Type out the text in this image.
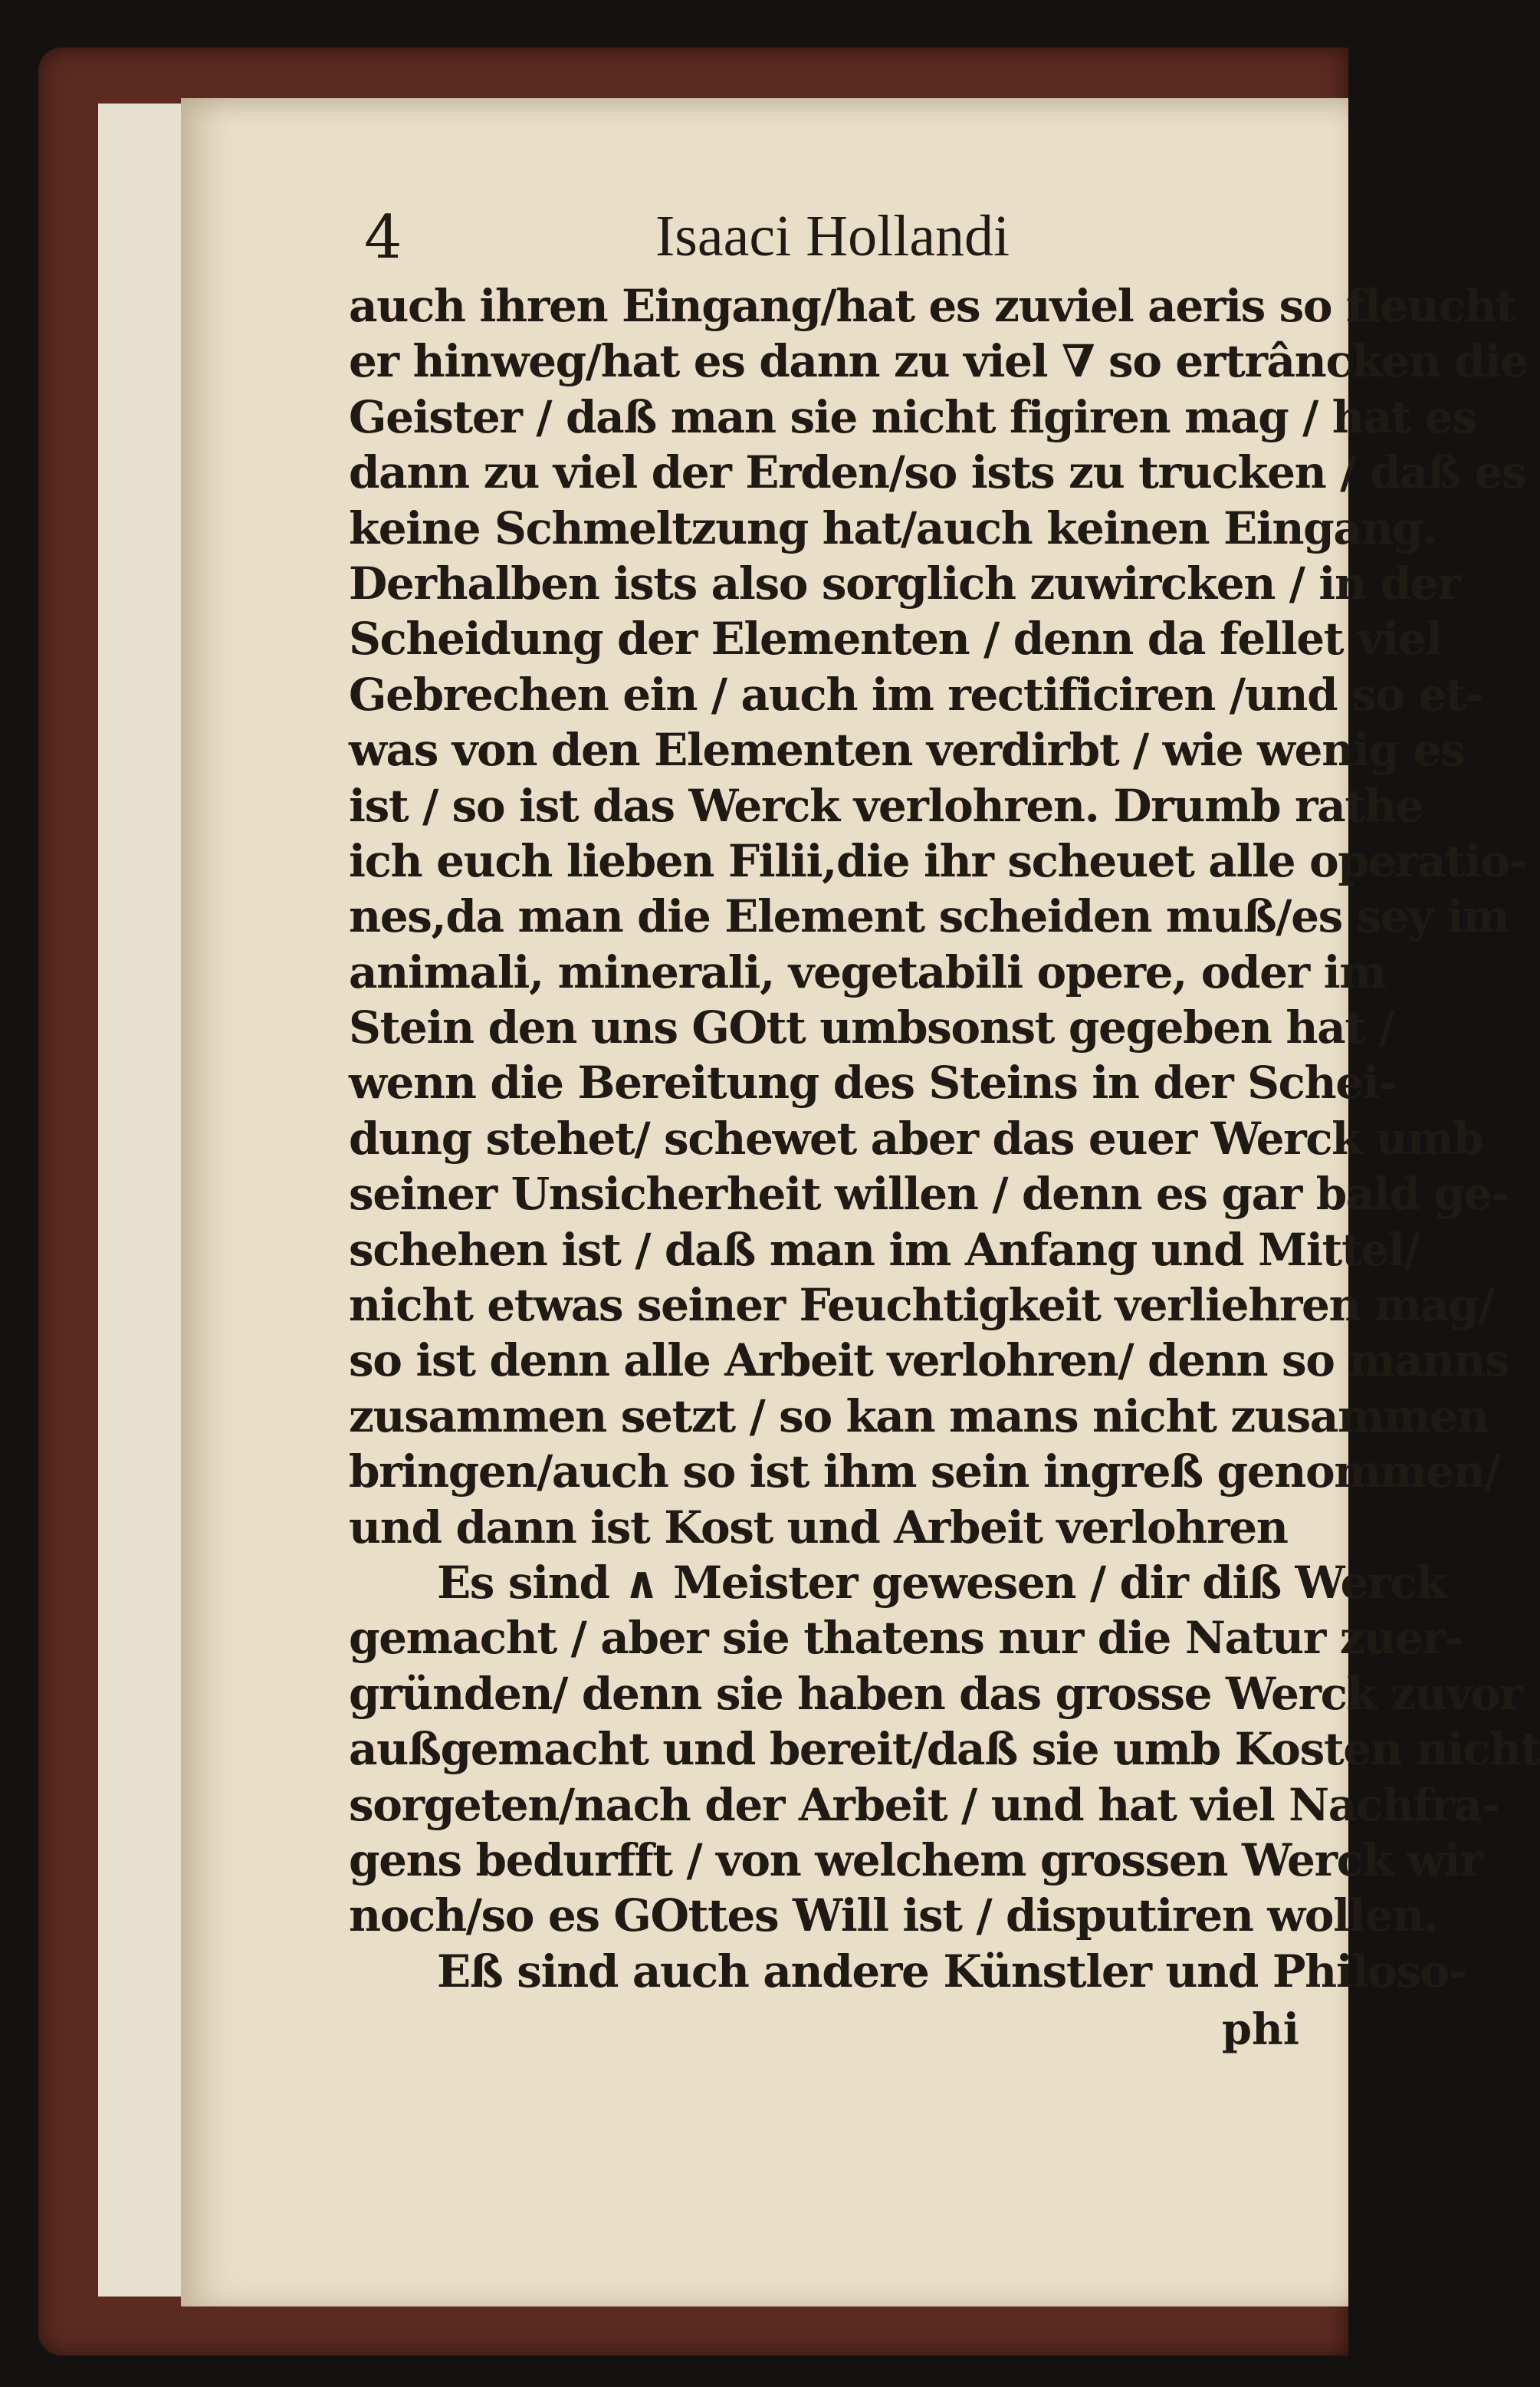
4	Isaaci Hollandi
auch ihren Eingang/hat es zuviel aeris so fleucht
er hinweg/hat es dann zu viel ∇ so ertrâncken die
Geister / daß man sie nicht figiren mag / hat es
dann zu viel der Erden/so ists zu trucken / daß es
keine Schmeltzung hat/auch keinen Eingang.
Derhalben ists also sorglich zuwircken / in der
Scheidung der Elementen / denn da fellet viel
Gebrechen ein / auch im rectificiren /und so et-
was von den Elementen verdirbt / wie wenig es
ist / so ist das Werck verlohren. Drumb rathe
ich euch lieben Filii,die ihr scheuet alle operatio-
nes,da man die Element scheiden muß/es sey im
animali, minerali, vegetabili opere, oder im
Stein den uns GOtt umbsonst gegeben hat /
wenn die Bereitung des Steins in der Schei-
dung stehet/ schewet aber das euer Werck umb
seiner Unsicherheit willen / denn es gar bald ge-
schehen ist / daß man im Anfang und Mittel/
nicht etwas seiner Feuchtigkeit verliehren mag/
so ist denn alle Arbeit verlohren/ denn so manns
zusammen setzt / so kan mans nicht zusammen
bringen/auch so ist ihm sein ingreß genommen/
und dann ist Kost und Arbeit verlohren
Es sind ∧ Meister gewesen / dir diß Werck
gemacht / aber sie thatens nur die Natur zuer-
gründen/ denn sie haben das grosse Werck zuvor
außgemacht und bereit/daß sie umb Kosten nicht
sorgeten/nach der Arbeit / und hat viel Nachfra-
gens bedurfft / von welchem grossen Werck wir
noch/so es GOttes Will ist / disputiren wollen.
Eß sind auch andere Künstler und Philoso-
phi
